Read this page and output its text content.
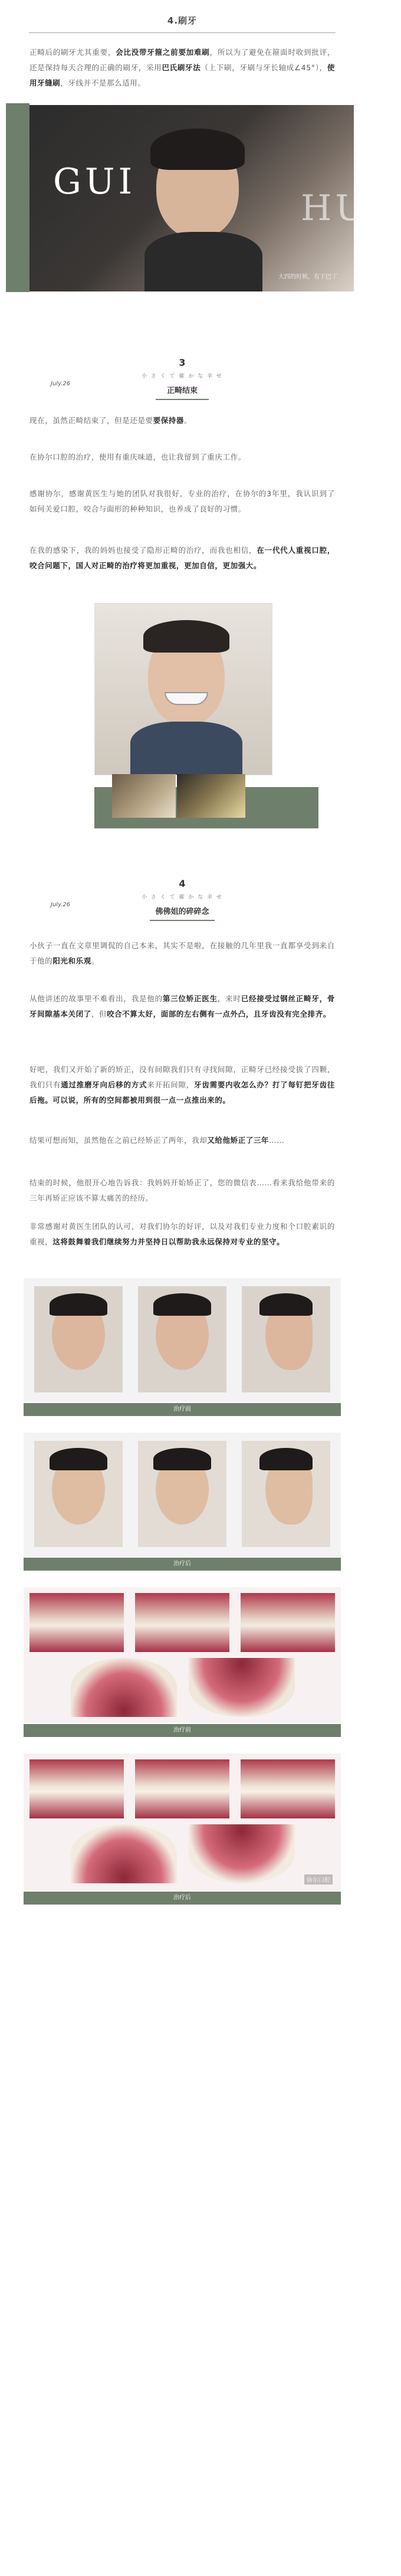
4.刷牙
正畸后的刷牙尤其重要，会比没带牙箍之前要加难刷，所以为了避免在箍面时收到批评，还是保持每天合理的正确的刷牙，采用巴氏刷牙法（上下刷，牙刷与牙长轴成∠45°），使用牙缝刷，牙线并不是那么适用。
GUI
HUO
大四的时候，有下巴了
3
小 さ く て 確 か な 幸 せ
July.26
正畸结束
现在，虽然正畸结束了，但是还是要要保持器。
在协尔口腔的治疗，使用有重庆味道，也让我留到了重庆工作。
感谢协尔，感谢黄医生与她的团队对我很好，专业的治疗，在协尔的3年里，我认识到了如何关爱口腔，咬合与面形的种种知识，也养成了良好的习惯。
在我的感染下，我的妈妈也接受了隐形正畸的治疗，而我也相信，在一代代人重视口腔，咬合问题下，国人对正畸的治疗将更加重视，更加自信，更加强大。
4
小 さ く て 確 か な 幸 せ
July.26
佛佛姐的碎碎念
小伙子一直在文章里调侃的自己本来，其实不是啦，在接触的几年里我一直都享受到来自于他的阳光和乐观。
从他讲述的故事里不难看出，我是他的第三位矫正医生，来时已经接受过钢丝正畸牙，骨牙间隙基本关闭了，但咬合不算太好，面部的左右侧有一点外凸，且牙齿没有完全排齐。
好吧，我们又开始了新的矫正，没有间隙我们只有寻找间隙，正畸牙已经接受拔了四颗，我们只有通过推磨牙向后移的方式来开拓间隙，牙齿需要内收怎么办？打了每钉把牙齿往后拖。可以说，所有的空间都被用到很一点一点推出来的。
结果可想而知，虽然他在之前已经矫正了两年，我却又给他矫正了三年……
结束的时候，他很开心地告诉我：我妈妈开始矫正了，您的微信表……看来我给他带来的三年再矫正应该不算太痛苦的经历。
非常感谢对黄医生团队的认可，对我们协尔的好评，以及对我们专业力度和个口腔素识的重视，这将鼓舞着我们继续努力并坚持日以帮助我永远保持对专业的坚守。
治疗前
治疗后
治疗前
协尔口腔
治疗后
